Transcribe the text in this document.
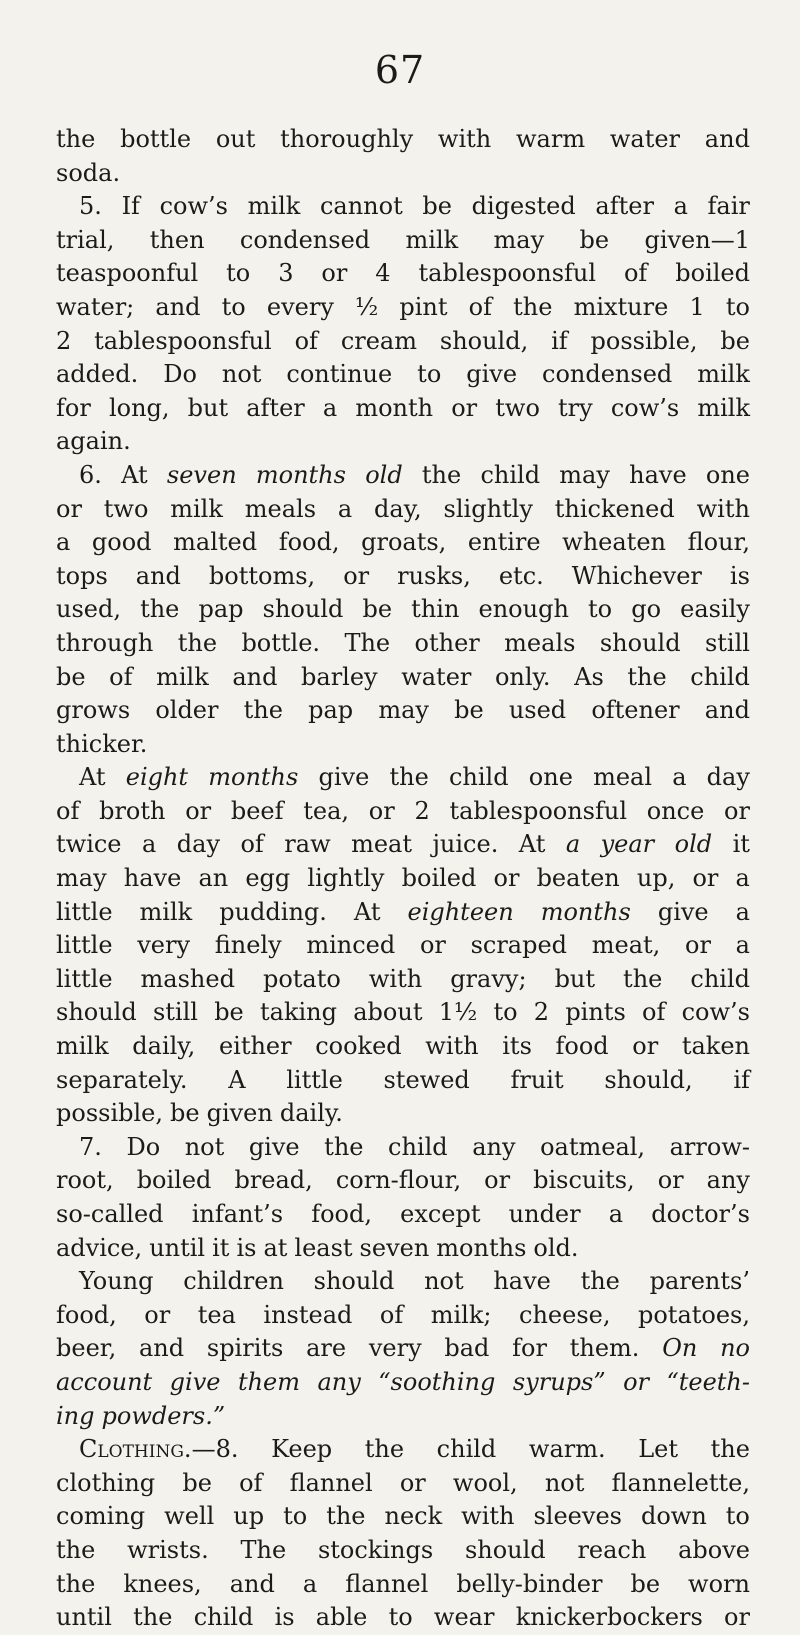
67
the bottle out thoroughly with warm water and
soda.
5. If cow’s milk cannot be digested after a fair
trial, then condensed milk may be given—1
teaspoonful to 3 or 4 tablespoonsful of boiled
water; and to every ½ pint of the mixture 1 to
2 tablespoonsful of cream should, if possible, be
added. Do not continue to give condensed milk
for long, but after a month or two try cow’s milk
again.
6. At seven months old the child may have one
or two milk meals a day, slightly thickened with
a good malted food, groats, entire wheaten flour,
tops and bottoms, or rusks, etc. Whichever is
used, the pap should be thin enough to go easily
through the bottle. The other meals should still
be of milk and barley water only. As the child
grows older the pap may be used oftener and
thicker.
At eight months give the child one meal a day
of broth or beef tea, or 2 tablespoonsful once or
twice a day of raw meat juice. At a year old it
may have an egg lightly boiled or beaten up, or a
little milk pudding. At eighteen months give a
little very finely minced or scraped meat, or a
little mashed potato with gravy; but the child
should still be taking about 1½ to 2 pints of cow’s
milk daily, either cooked with its food or taken
separately. A little stewed fruit should, if
possible, be given daily.
7. Do not give the child any oatmeal, arrow-
root, boiled bread, corn-flour, or biscuits, or any
so-called infant’s food, except under a doctor’s
advice, until it is at least seven months old.
Young children should not have the parents’
food, or tea instead of milk; cheese, potatoes,
beer, and spirits are very bad for them. On no
account give them any “soothing syrups” or “teeth-
ing powders.”
Clothing.—8. Keep the child warm. Let the
clothing be of flannel or wool, not flannelette,
coming well up to the neck with sleeves down to
the wrists. The stockings should reach above
the knees, and a flannel belly-binder be worn
until the child is able to wear knickerbockers or
